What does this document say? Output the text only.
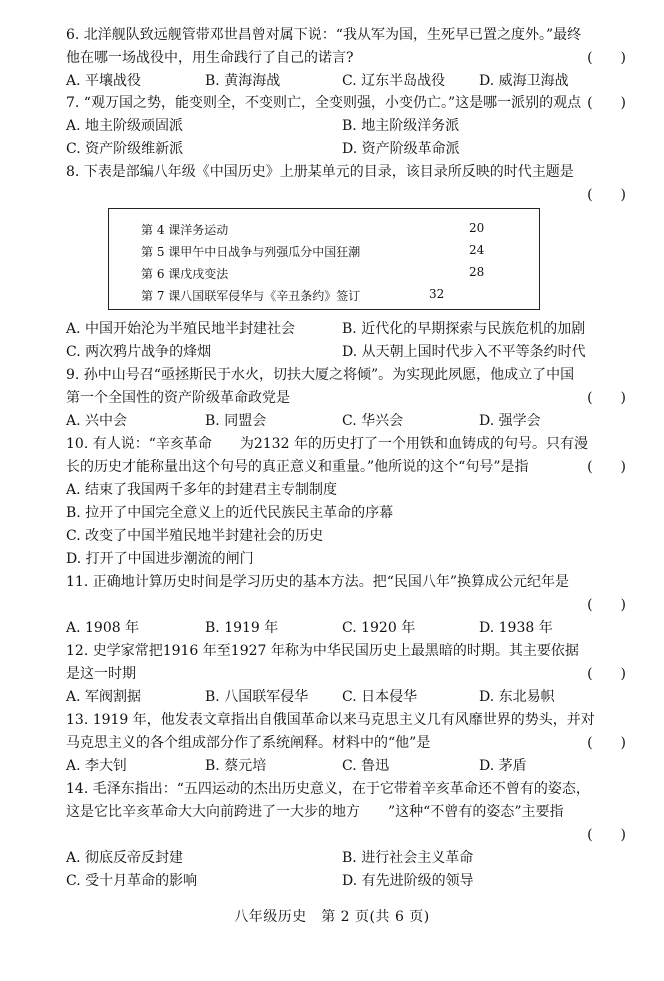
6. 北洋舰队致远舰管带邓世昌曾对属下说：“我从军为国，生死早已置之度外。”最终
他在哪一场战役中，用生命践行了自己的诺言?	(　　)
A. 平壤战役	B. 黄海海战	C. 辽东半岛战役 D. 威海卫海战
7. “观万国之势，能变则全，不变则亡，全变则强，小变仍亡。”这是哪一派别的观点 (　　)
A. 地主阶级顽固派	B. 地主阶级洋务派
C. 资产阶级维新派	D. 资产阶级革命派
8. 下表是部编八年级《中国历史》上册某单元的目录，该目录所反映的时代主题是
(　　)
第 4 课洋务运动	20
第 5 课甲午中日战争与列强瓜分中国狂潮	24
第 6 课戊戌变法	28
第 7 课八国联军侵华与《辛丑条约》签订	32
A. 中国开始沦为半殖民地半封建社会	B. 近代化的早期探索与民族危机的加剧
C. 两次鸦片战争的烽烟	D. 从天朝上国时代步入不平等条约时代
9. 孙中山号召“亟拯斯民于水火，切扶大厦之将倾”。为实现此夙愿，他成立了中国
第一个全国性的资产阶级革命政党是	(　　)
A. 兴中会	B. 同盟会	C. 华兴会	D. 强学会
10. 有人说：“辛亥革命　　为2132 年的历史打了一个用铁和血铸成的句号。只有漫
长的历史才能称量出这个句号的真正意义和重量。”他所说的这个“句号”是指	(　　)
A. 结束了我国两千多年的封建君主专制制度
B. 拉开了中国完全意义上的近代民族民主革命的序幕
C. 改变了中国半殖民地半封建社会的历史
D. 打开了中国进步潮流的闸门
11. 正确地计算历史时间是学习历史的基本方法。把“民国八年”换算成公元纪年是
(　　)
A. 1908 年	B. 1919 年	C. 1920 年	D. 1938 年
12. 史学家常把1916 年至1927 年称为中华民国历史上最黑暗的时期。其主要依据
是这一时期	(　　)
A. 军阀割据	B. 八国联军侵华 C. 日本侵华	D. 东北易帜
13. 1919 年，他发表文章指出自俄国革命以来马克思主义几有风靡世界的势头，并对
马克思主义的各个组成部分作了系统阐释。材料中的“他”是	(　　)
A. 李大钊	B. 蔡元培	C. 鲁迅	D. 茅盾
14. 毛泽东指出：“五四运动的杰出历史意义，在于它带着辛亥革命还不曾有的姿态，
这是它比辛亥革命大大向前跨进了一大步的地方　　”这种“不曾有的姿态”主要指
(　　)
A. 彻底反帝反封建	B. 进行社会主义革命
C. 受十月革命的影响	D. 有先进阶级的领导
八年级历史　第 2 页(共 6 页)
